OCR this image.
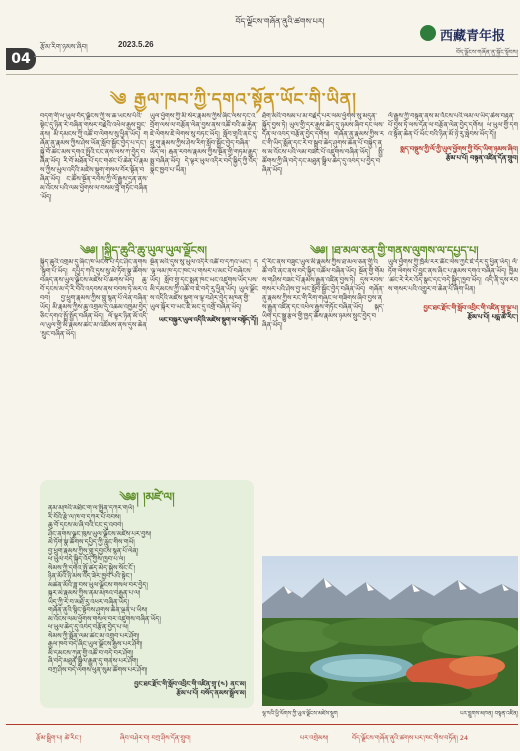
04
རྩོམ་རིག་ཉམས་ཞིབ།	2023.5.26
བོད་ལྗོངས་གཞོན་ནུའི་ཚགས་པར།
西藏青年报
བོད་ལྗོངས་གཞོན་ནུ་སྐྱོང་སྟོབས།
༄ རྒྱལ་ཁབ་ཀྱི་དགའ་སྟོན་ཡོང་གི་ཡིན།

བདག་གི་ཕ་ཡུལ་བོད་ལྗོངས་ཀྱི་ས་ཆ་ཡངས་པོའི་སྟེང་དུ་ཉིན་རེ་བཞིན་གསར་བརྗེའི་འཕེལ་རྒྱས་བྱུང་ནས། མི་དམངས་ཀྱི་འཚོ་བ་ལེགས་སུ་ཕྱིན་ཡོད། གཞོན་ནུ་རྣམས་ཀྱིས་ཤེས་ཡོན་སློབ་སྦྱོང་བྱེད་པ་དང་། སྐྱེ་བོ་ཚང་མས་དགའ་སྤྲོའི་ངང་ནས་ལས་ཀ་བྱེད་བཞིན་ཡོད། རི་བོ་མཐོན་པོ་དང་གཙང་པོ་ཆེན་པོ་རྣམས་ཀྱིས་ཡུལ་འདིའི་མཛེས་སྡུག་གསལ་བོར་སྟོན་བཞིན་ཡོད། ང་ཚོས་སྔོན་རབས་ཀྱི་ལོ་རྒྱུས་དྲན་ནས་མ་འོངས་པའི་ལམ་ཕྱོགས་ལ་བསམ་བློ་གཏོང་བཞིན་ཡོད།

ཡུལ་ཕྱོགས་ཀྱི་མི་སེར་རྣམས་ཀྱིས་ཞིང་ལས་དང་འབྲོག་ལས་ལ་བརྩོན་ལེན་བྱས་ནས་འཚོ་བའི་ཆ་རྐྱེན་ཇེ་ལེགས་ཇེ་ལེགས་སུ་བཏང་ཡོད། སློབ་གྲྭའི་ནང་དུ་ཕྲུ་གུ་རྣམས་ཀྱིས་ཤེས་རིག་སློབ་སྦྱོང་བྱེད་བཞིན་ཡོད་ལ། རྒན་རབས་རྣམས་ཀྱིས་སྔོན་གྱི་གཏམ་རྒྱུད་སྨྲ་བཞིན་ཡོད། དེ་ལྟར་ཡུལ་འདིར་བདེ་སྐྱིད་ཀྱི་འོད་སྣང་ཁྱབ་པ་ཡིན།

ཐོག་མའི་བསམ་པ་མ་བརྗེད་པར་ལམ་ཕྱོགས་སུ་མདུན་སྐྱོད་བྱས་ཏེ། ཡུལ་གྱི་དར་རྒྱས་ཆེད་དུ་ཉམས་ཞིབ་དང་ལས་དོན་ལ་འབད་བརྩོན་བྱེད་དགོས། གཞོན་ནུ་རྣམས་ཀྱིས་རང་གི་ཡིད་སྨོན་དང་རེ་བ་སྒྲུབ་ཆེད་ཤུགས་ཆེན་པོ་བསྐྱེད་ནས་མ་འོངས་པའི་ལམ་བཟང་པོ་འཛུགས་བཞིན་ཡོད། སྤྱི་ཚོགས་ཀྱི་ཞི་བདེ་དང་མཐུན་སྒྲིལ་ཆེད་དུ་འབད་པ་བྱེད་བཞིན་ཡོད།

ལོ་རྒྱུས་ཀྱི་བསྟན་ནས་མ་འོངས་པའི་ལམ་ལ་ཡིད་ཆེས་བརྟན་པོ་བྱས་ཏེ་ལས་དོན་ལ་བརྩོན་ལེན་བྱེད་དགོས། ཕ་ཡུལ་གྱི་དགའ་སྟོན་ཆེན་པོ་ཡོང་བའི་ཉིན་མོ་ཉེ་རུ་སླེབས་ཡོད་དོ།།

སྨད་བསྡུས་ཀྱི་ལོ་ཀྱི་ཡུལ་ཕྱོགས་ཀྱི་བོད་ཡིག་ཉམས་ཞིབ།

རྩོམ་པ་པོ། བསྟན་འཛིན་དོན་གྲུབ།

༄༅། །སྐྱིད་ཆུའི་ཆུ་ཡུལ་ཡུལ་ལྗོངས།

སྐྱིད་ཆུའི་འགྲམ་དུ་ཞིང་ཁ་ཡངས་པོ་དང་ཤིང་ནགས་སྟུག་པོ་ཡོད། དཔྱིད་ཀའི་དུས་སུ་མེ་ཏོག་སྣ་ཚོགས་བཞད་ནས་ཡུལ་ལྗོངས་མཛེས་པོ་ཆགས་ཡོད། ཆུ་བོ་དྭངས་མ་དེ་རི་བོའི་འདབས་ནས་བབས་ཏེ་མར་འབབ། བྱ་ཕྲུག་རྣམས་ཀྱིས་གླུ་སྙན་པོ་ལེན་བཞིན་ཡོད། མི་རྣམས་ཀྱིས་ཆུ་འགྲམ་དུ་འཆམ་འཁྱམ་བྱེད་ཅིང་དགའ་སྤྲོ་སྤྱོད་བཞིན་ཡོད། ལོ་ལྟར་ཉིན་མོ་འདི་ལ་ཡུལ་གྱི་མི་རྣམས་ཚང་མ་འཛོམས་ནས་དུས་ཆེན་སྲུང་བཞིན་ཡོད།

སྔོན་མའི་དུས་སུ་ཡུལ་འདིར་འཚོ་བ་དཀའ་ཡང་། ད་ལྟ་ལམ་ཁ་དང་ཁང་པ་གསར་པ་མང་པོ་བཞེངས་ཡོད། སློབ་གྲྭ་དང་སྨན་ཁང་ཡང་འཛུགས་ཡོད་པས་མི་དམངས་ཀྱི་འཚོ་བ་ཇེ་བདེ་རུ་ཕྱིན་ཡོད། ཡུལ་ལྗོངས་འདིའི་མཛེས་སྡུག་ལ་ལྟ་བཤེར་བྱེད་མཁན་གྱི་ཡུལ་སྐོར་བ་ཡང་ཇེ་མང་དུ་འགྲོ་བཞིན་ཡོད།

ཡང་བསྐྱར་ཡུལ་འདིའི་མཛེས་སྡུག་ལ་བསྟོད་དོ།།

༄༅། །ཐ་མལ་ཅན་གྱི་གནས་ལུགས་ལ་དཔྱད་པ།

དེ་རིང་ནས་བཟུང་ཡུལ་མི་རྣམས་ཀྱིས་ཐ་མལ་ཅན་གྱི་འཚོ་བའི་ནང་ནས་བདེ་སྐྱིད་འཚོལ་བཞིན་ཡོད། སྔོན་གྱི་གོམས་གཤིས་བཟང་པོ་རྣམས་རྒྱུན་འཛིན་བྱས་ཏེ། དུས་རབས་གསར་པའི་ཤེས་བྱ་ཡང་སློབ་སྦྱོང་བྱེད་བཞིན་ཡོད། གཞོན་ནུ་རྣམས་ཀྱིས་རང་གི་རིག་གཞུང་ལ་གཟིགས་ཞིབ་བྱས་ནས་རྒྱུན་འཛིན་དང་འཕེལ་རྒྱས་གཏོང་བཞིན་ཡོད། སྐད་ཡིག་དང་སྒྱུ་རྩལ་གྱི་ཁྱད་ཆོས་རྣམས་ཉམས་སྲུང་བྱེད་བཞིན་ཡོད།

ཡུལ་ཕྱོགས་ཀྱི་ཁྲོམ་རར་ཚོང་ལས་ཀྱང་ཇེ་དར་དུ་ཕྱིན་ཡོད། ལོ་ཏོག་ལེགས་པོ་བྱུང་ནས་ཞིང་པ་རྣམས་དགའ་བཞིན་ཡོད། ཁྱིམ་ཚང་རེ་རེར་འོད་སྣང་དང་བདེ་སྐྱིད་ཁྱབ་ཡོད། འདི་ནི་དུས་རབས་གསར་པའི་འགྱུར་བ་ཆེན་པོ་ཞིག་ཡིན།

བྱང་ཐང་རྫོང་གི་སློབ་འབྲིང་གི་འཛིན་གྲྭ་ལྔ་པ།

རྩོམ་པ་པོ། པདྨ་ཚེ་རིང་།

༄༅། །མཛེ་ལ།
ནམ་མཁའི་མཐིང་ག་ལ་སྤྲིན་དཀར་གཡོ།
རི་བོའི་རྩེ་ལ་ཁ་བ་དཀར་པོ་བབས།
ཆུ་བོ་དྭངས་མ་ཞི་བའི་ངང་དུ་འབབ།
ཤིང་ནགས་ལྗང་ཁུས་ཡུལ་ལྗོངས་མཛེས་པར་བྱས།
མེ་ཏོག་སྣ་ཚོགས་དཔྱིད་ཀྱི་རླུང་གིས་གཡོ།
བྱ་ཕྲུག་རྣམས་ཀྱིས་གླུ་དབྱངས་སྙན་པོ་ལེན།
ཕ་ཡུལ་བདེ་སྐྱིད་འོད་ཀྱིས་ཁྱབ་པ་ལ།
སེམས་ཀྱི་དགའ་སྤྲོ་ཚད་མེད་སྐྱེས་སོང་ངོ་།
ཉིན་མོའི་ཉི་མས་འོད་ཟེར་ཁྱབ་པའི་སྟེང་།
མཚན་མོའི་ཟླ་བས་ཡུལ་ལྗོངས་གསལ་བར་བྱེད།
སྐར་མ་རྣམས་ཀྱིས་ནམ་མཁའ་བརྒྱན་པ་ལ།
ཡིད་ཀྱི་རེ་བ་མཐོ་རུ་འཕར་བཞིན་ཡོད།
གཞོན་ནུའི་སྙིང་སྟོབས་ཤུགས་ཆེན་ལྡན་པ་ཡིས།
མ་འོངས་ལམ་ཕྱོགས་གསལ་བར་འཛུགས་བཞིན་ཡོད།
ཕ་ཡུལ་ཆེད་དུ་འབད་བརྩོན་བྱེད་པ་ལ།
སེམས་ཀྱི་སྨོན་ལམ་ཚང་མ་འགྲུབ་པར་ཤོག།
རྒྱལ་ཁབ་བདེ་ཞིང་ཡུལ་ལྗོངས་རྒྱས་པར་ཤོག།
མི་དམངས་ཀུན་གྱི་འཚོ་བ་བདེ་བར་ཤོག།
ཞི་བདེ་མཐུན་སྒྲིལ་རྒྱུན་དུ་གནས་པར་ཤོག།
བཀྲ་ཤིས་བདེ་ལེགས་ཕུན་སུམ་ཚོགས་པར་ཤོག།
བྱང་ཐང་རྫོང་གི་སློབ་འབྲིང་གི་འཛིན་གྲྭ་(༤) ནང་མ།
རྩོམ་པ་པོ། བསོད་ནམས་སྒྲོལ་མ།
ལྷ་སའི་ཕྱི་ལོགས་ཀྱི་ཡུལ་ལྗོངས་མཛེས་སྡུག	པར་བླུགས་མཁན། བསྟན་འཛིན།
རྩོམ་སྒྲིག་པ། ཚེ་རིང་།	ཞིབ་བཤེར་བ། བཀྲ་ཤིས་དོན་གྲུབ།	པར་འགྲེམས།	བོད་ལྗོངས་གཞོན་ནུའི་ཚགས་པར་ཁང་གིས་བཏོན། 24
